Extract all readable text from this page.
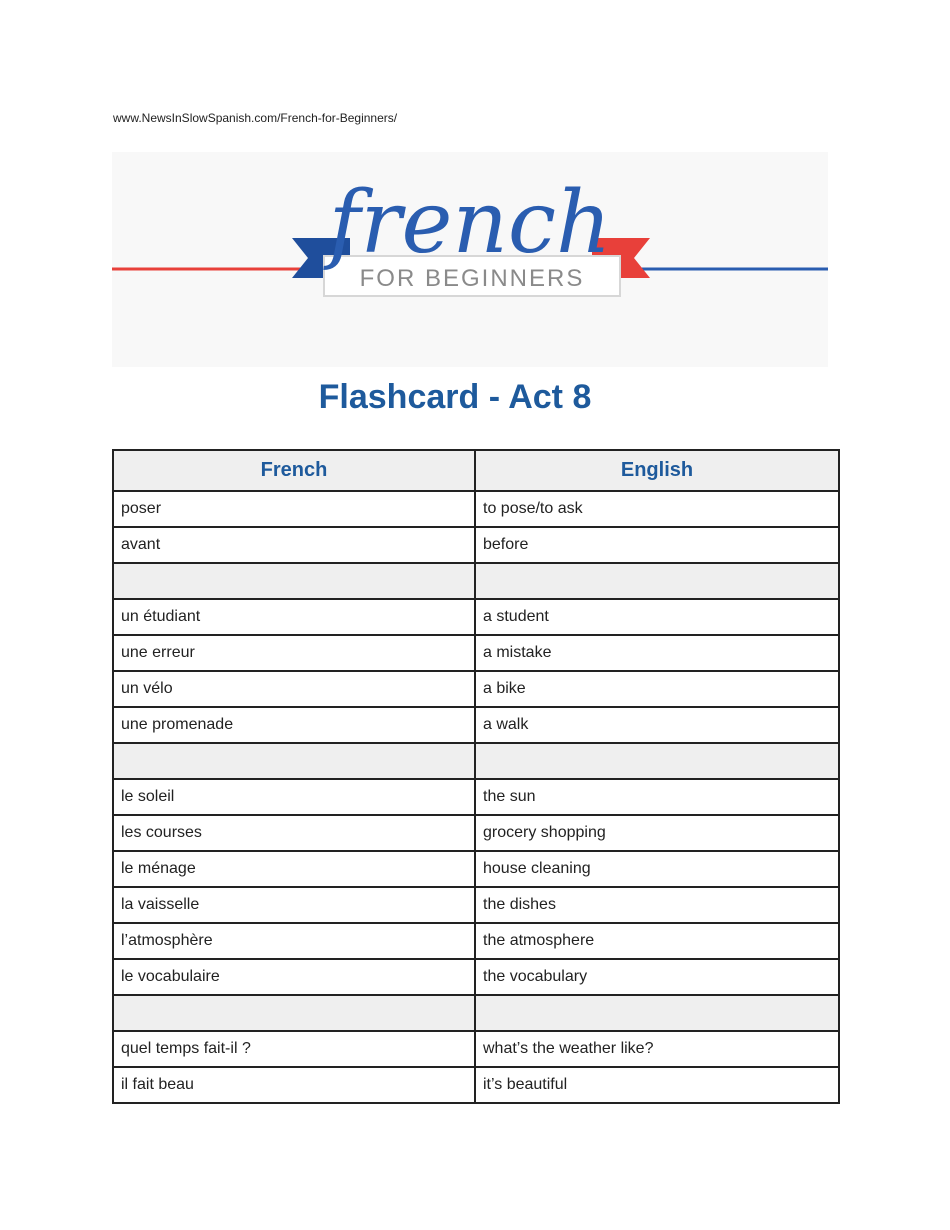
www.NewsInSlowSpanish.com/French-for-Beginners/
french
FOR BEGINNERS
Flashcard - Act 8
French	English
poser	to pose/to ask
avant	before

un étudiant	a student
une erreur	a mistake
un vélo	a bike
une promenade	a walk

le soleil	the sun
les courses	grocery shopping
le ménage	house cleaning
la vaisselle	the dishes
l’atmosphère	the atmosphere
le vocabulaire	the vocabulary

quel temps fait-il ?	what’s the weather like?
il fait beau	it’s beautiful
